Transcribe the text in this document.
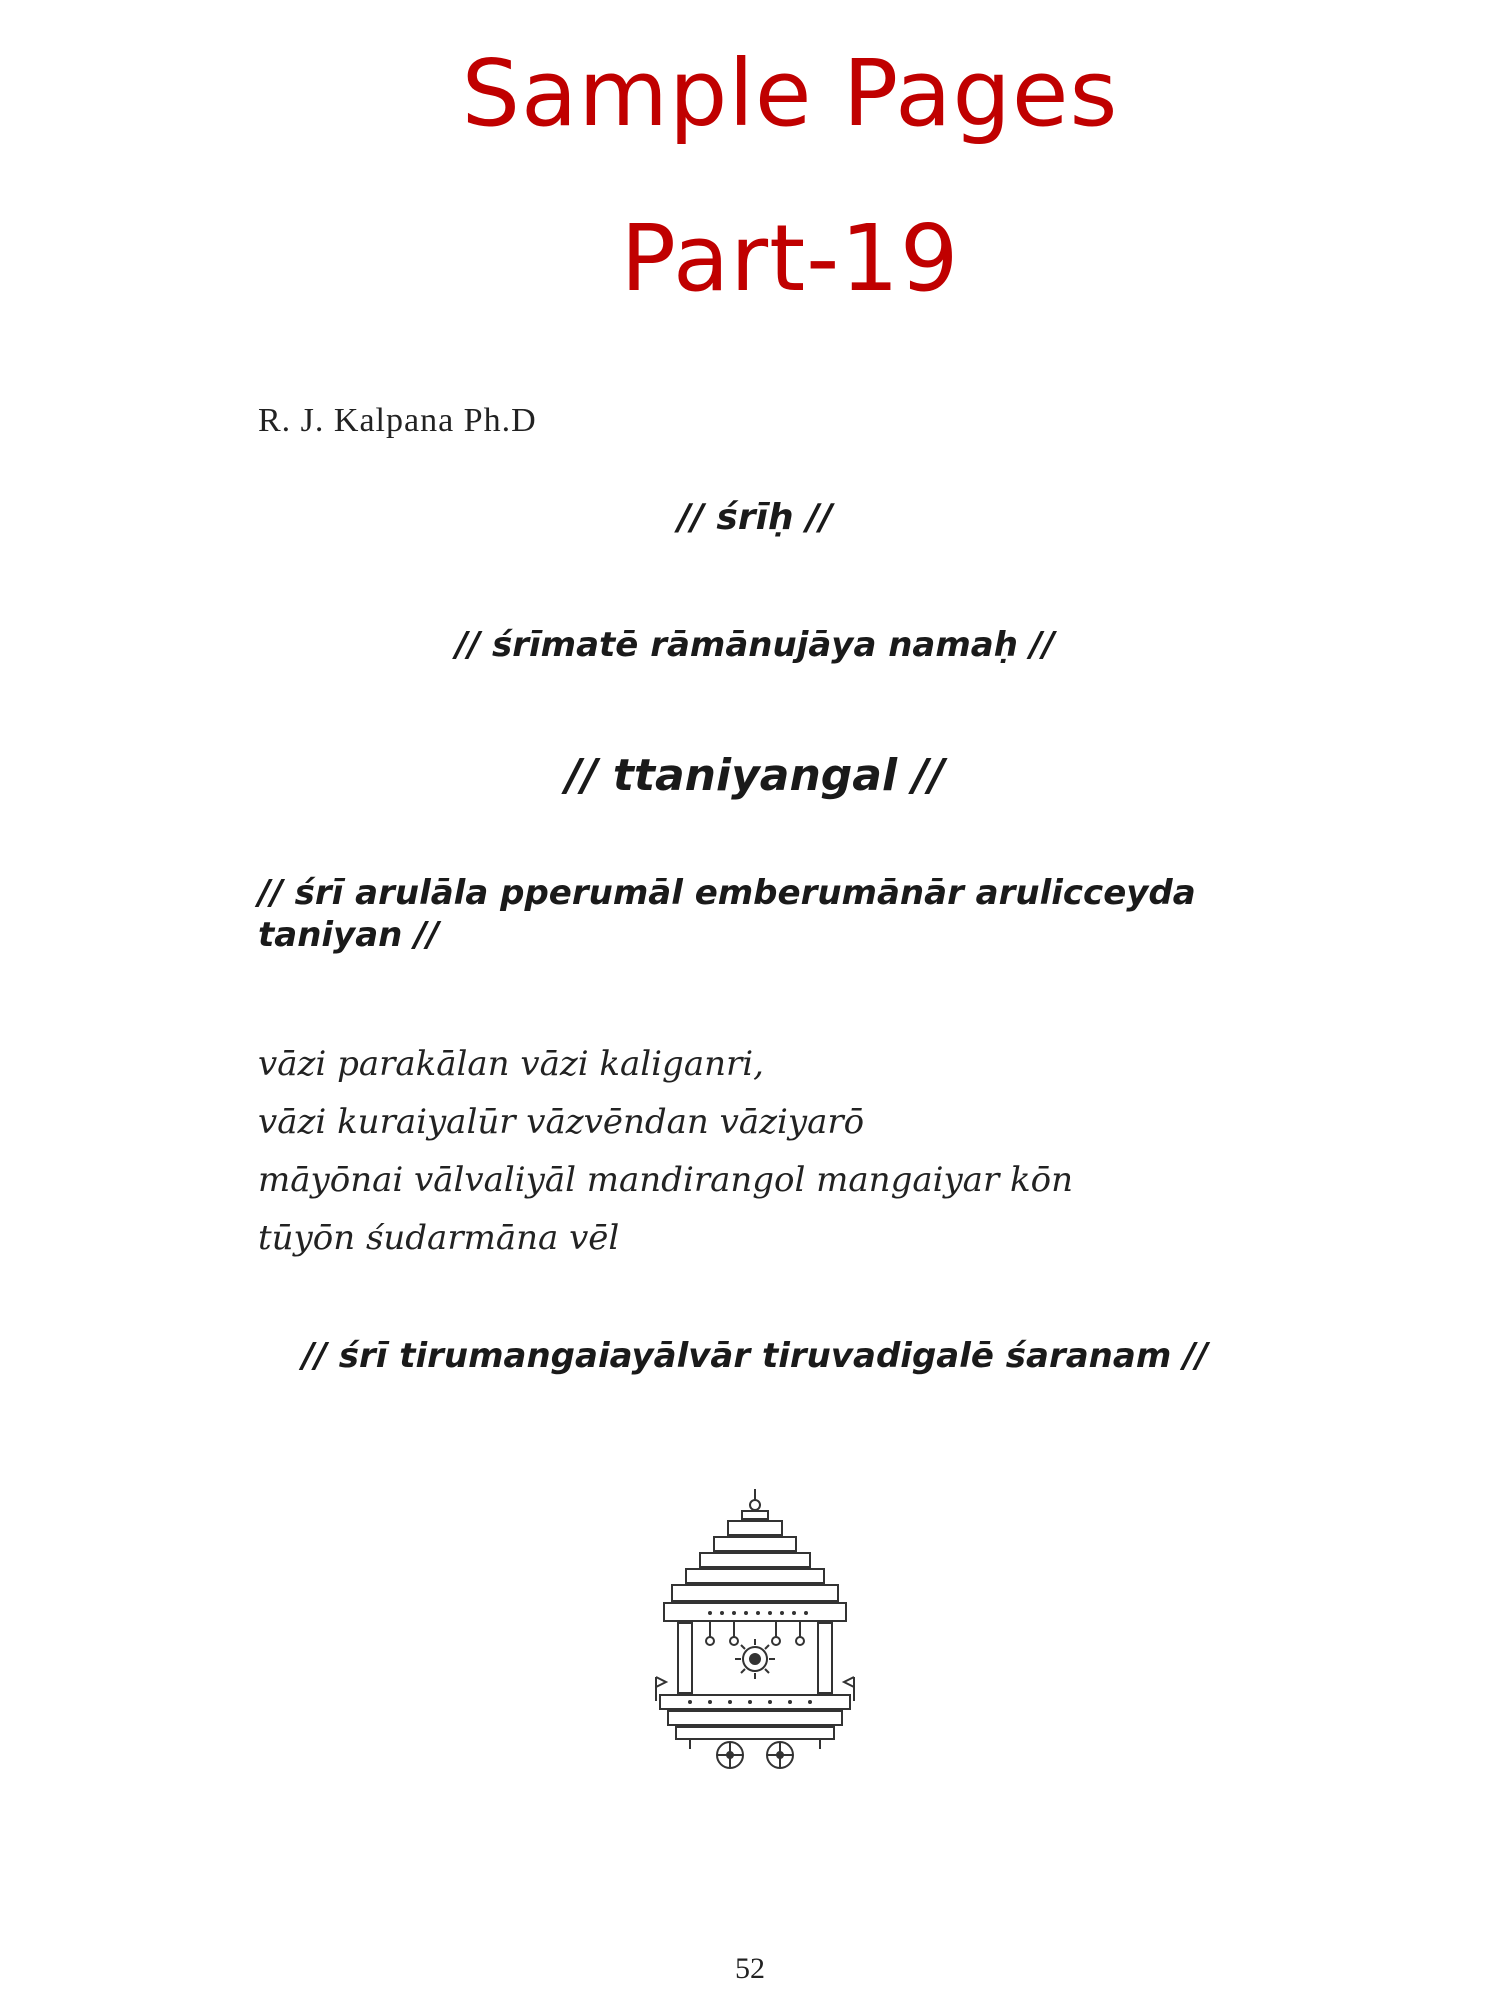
Sample Pages
Part-19
R. J. Kalpana Ph.D
// śrīḥ //
// śrīmatē rāmānujāya namaḥ //
// ttaniyangal //
// śrī arulāla pperumāl emberumānār arulicceyda taniyan //
vāzi parakālan vāzi kaliganri,
vāzi kuraiyalūr vāzvēndan vāziyarō
māyōnai vālvaliyāl mandirangol mangaiyar kōn
tūyōn śudarmāna vēl
// śrī tirumangaiayālvār tiruvadigalē śaranam //
52
